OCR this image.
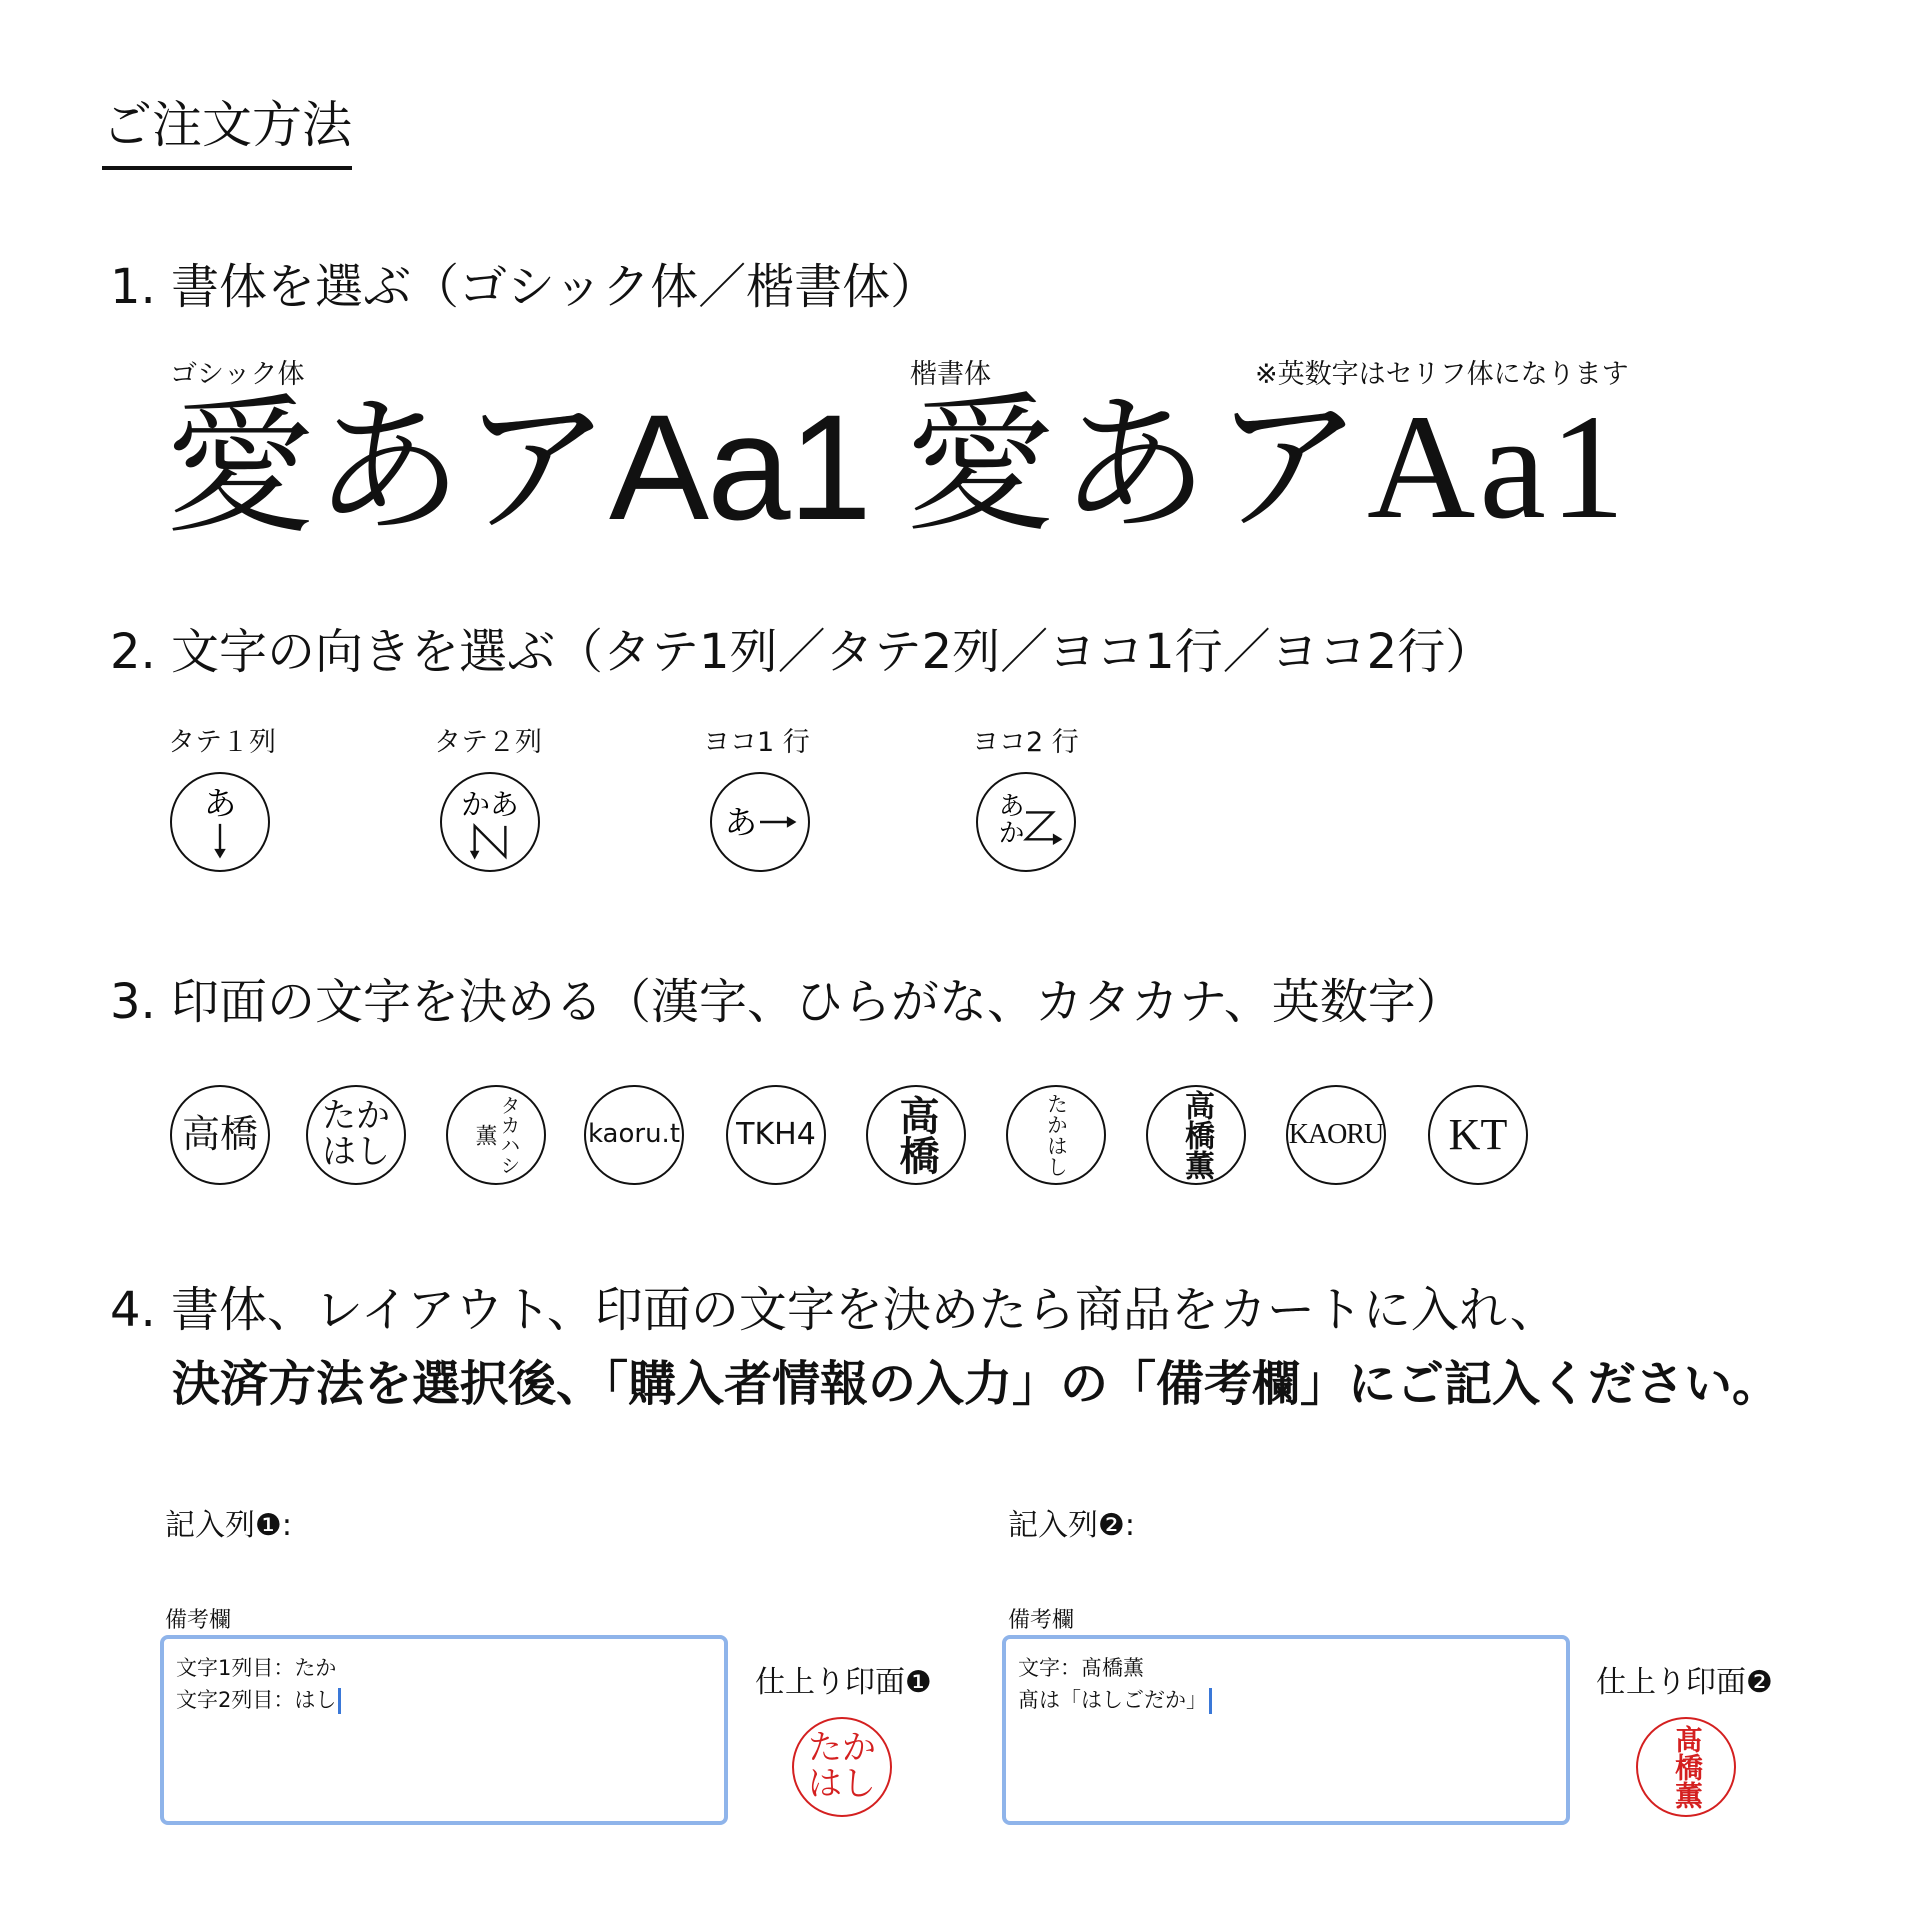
ご注文方法
1. 書体を選ぶ（ゴシック体／楷書体）
ゴシック体	楷書体	※英数字はセリフ体になります
愛あアAa1 愛あアAa1
2. 文字の向きを選ぶ（タテ1列／タテ2列／ヨコ1行／ヨコ2行）
タテ１列
あ
タテ２列
かあ
ヨコ1 行
あ
ヨコ2 行
あか
3. 印面の文字を決める（漢字、ひらがな、カタカナ、英数字）
高橋 たか
はし	タカハシ
薫	kaoru.t TKH4 高橋	たかはし	高橋薫	KAORU KT
4. 書体、レイアウト、印面の文字を決めたら商品をカートに入れ、
決済方法を選択後、「購入者情報の入力」の「備考欄」にご記入ください。
記入列❶:
備考欄
文字1列目：たか
文字2列目：はし	仕上り印面❶
たか
はし
記入列❷:
備考欄
文字：髙橋薫
髙は「はしごだか」	仕上り印面❷
髙橋薫
